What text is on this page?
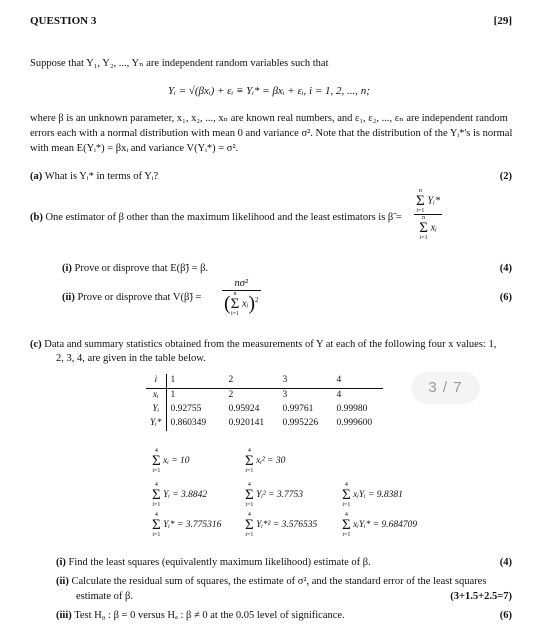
QUESTION 3	[29]
Suppose that Y₁, Y₂, ..., Yₙ are independent random variables such that
Yᵢ = √(βxᵢ) + εᵢ ≡ Yᵢ* = βxᵢ + εᵢ, i = 1, 2, ..., n;
where β is an unknown parameter, x₁, x₂, ..., xₙ are known real numbers, and ε₁, ε₂, ..., εₙ are independent random
errors each with a normal distribution with mean 0 and variance σ². Note that the distribution of the Yᵢ*'s is normal
with mean E(Yᵢ*) = βxᵢ and variance V(Yᵢ*) = σ².
(a) What is Yᵢ* in terms of Yᵢ?	(2)
(b) One estimator of β other than the maximum likelihood and the least estimators is β̃ = n
Σ
i=1
Yᵢ*
n
Σ
i=1
xᵢ
(i) Prove or disprove that E(β̃) = β.	(4)
(ii) Prove or disprove that V(β̃) = nσ²
( n
Σ
i=1
xᵢ)$^2$	(6)
(c) Data and summary statistics obtained from the measurements of Y at each of the following four x values: 1,
2, 3, 4, are given in the table below.
i	1	2	3	4
xᵢ	1	2	3	4
Yᵢ	0.92755	0.95924	0.99761	0.99980
Yᵢ*	0.860349	0.920141	0.995226	0.999600
3 / 7
4
Σ
i=1
xᵢ = 10
4
Σ
i=1
xᵢ² = 30
4
Σ
i=1
Yᵢ = 3.8842
4
Σ
i=1
Yᵢ² = 3.7753
4
Σ
i=1
xᵢYᵢ = 9.8381
4
Σ
i=1
Yᵢ* = 3.775316
4
Σ
i=1
Yᵢ*² = 3.576535
4
Σ
i=1
xᵢYᵢ* = 9.684709
(i) Find the least squares (equivalently maximum likelihood) estimate of β.	(4)
(ii) Calculate the residual sum of squares, the estimate of σ², and the standard error of the least squares
estimate of β.	(3+1.5+2.5=7)
(iii) Test H₀ : β = 0 versus Hₐ : β ≠ 0 at the 0.05 level of significance.	(6)
